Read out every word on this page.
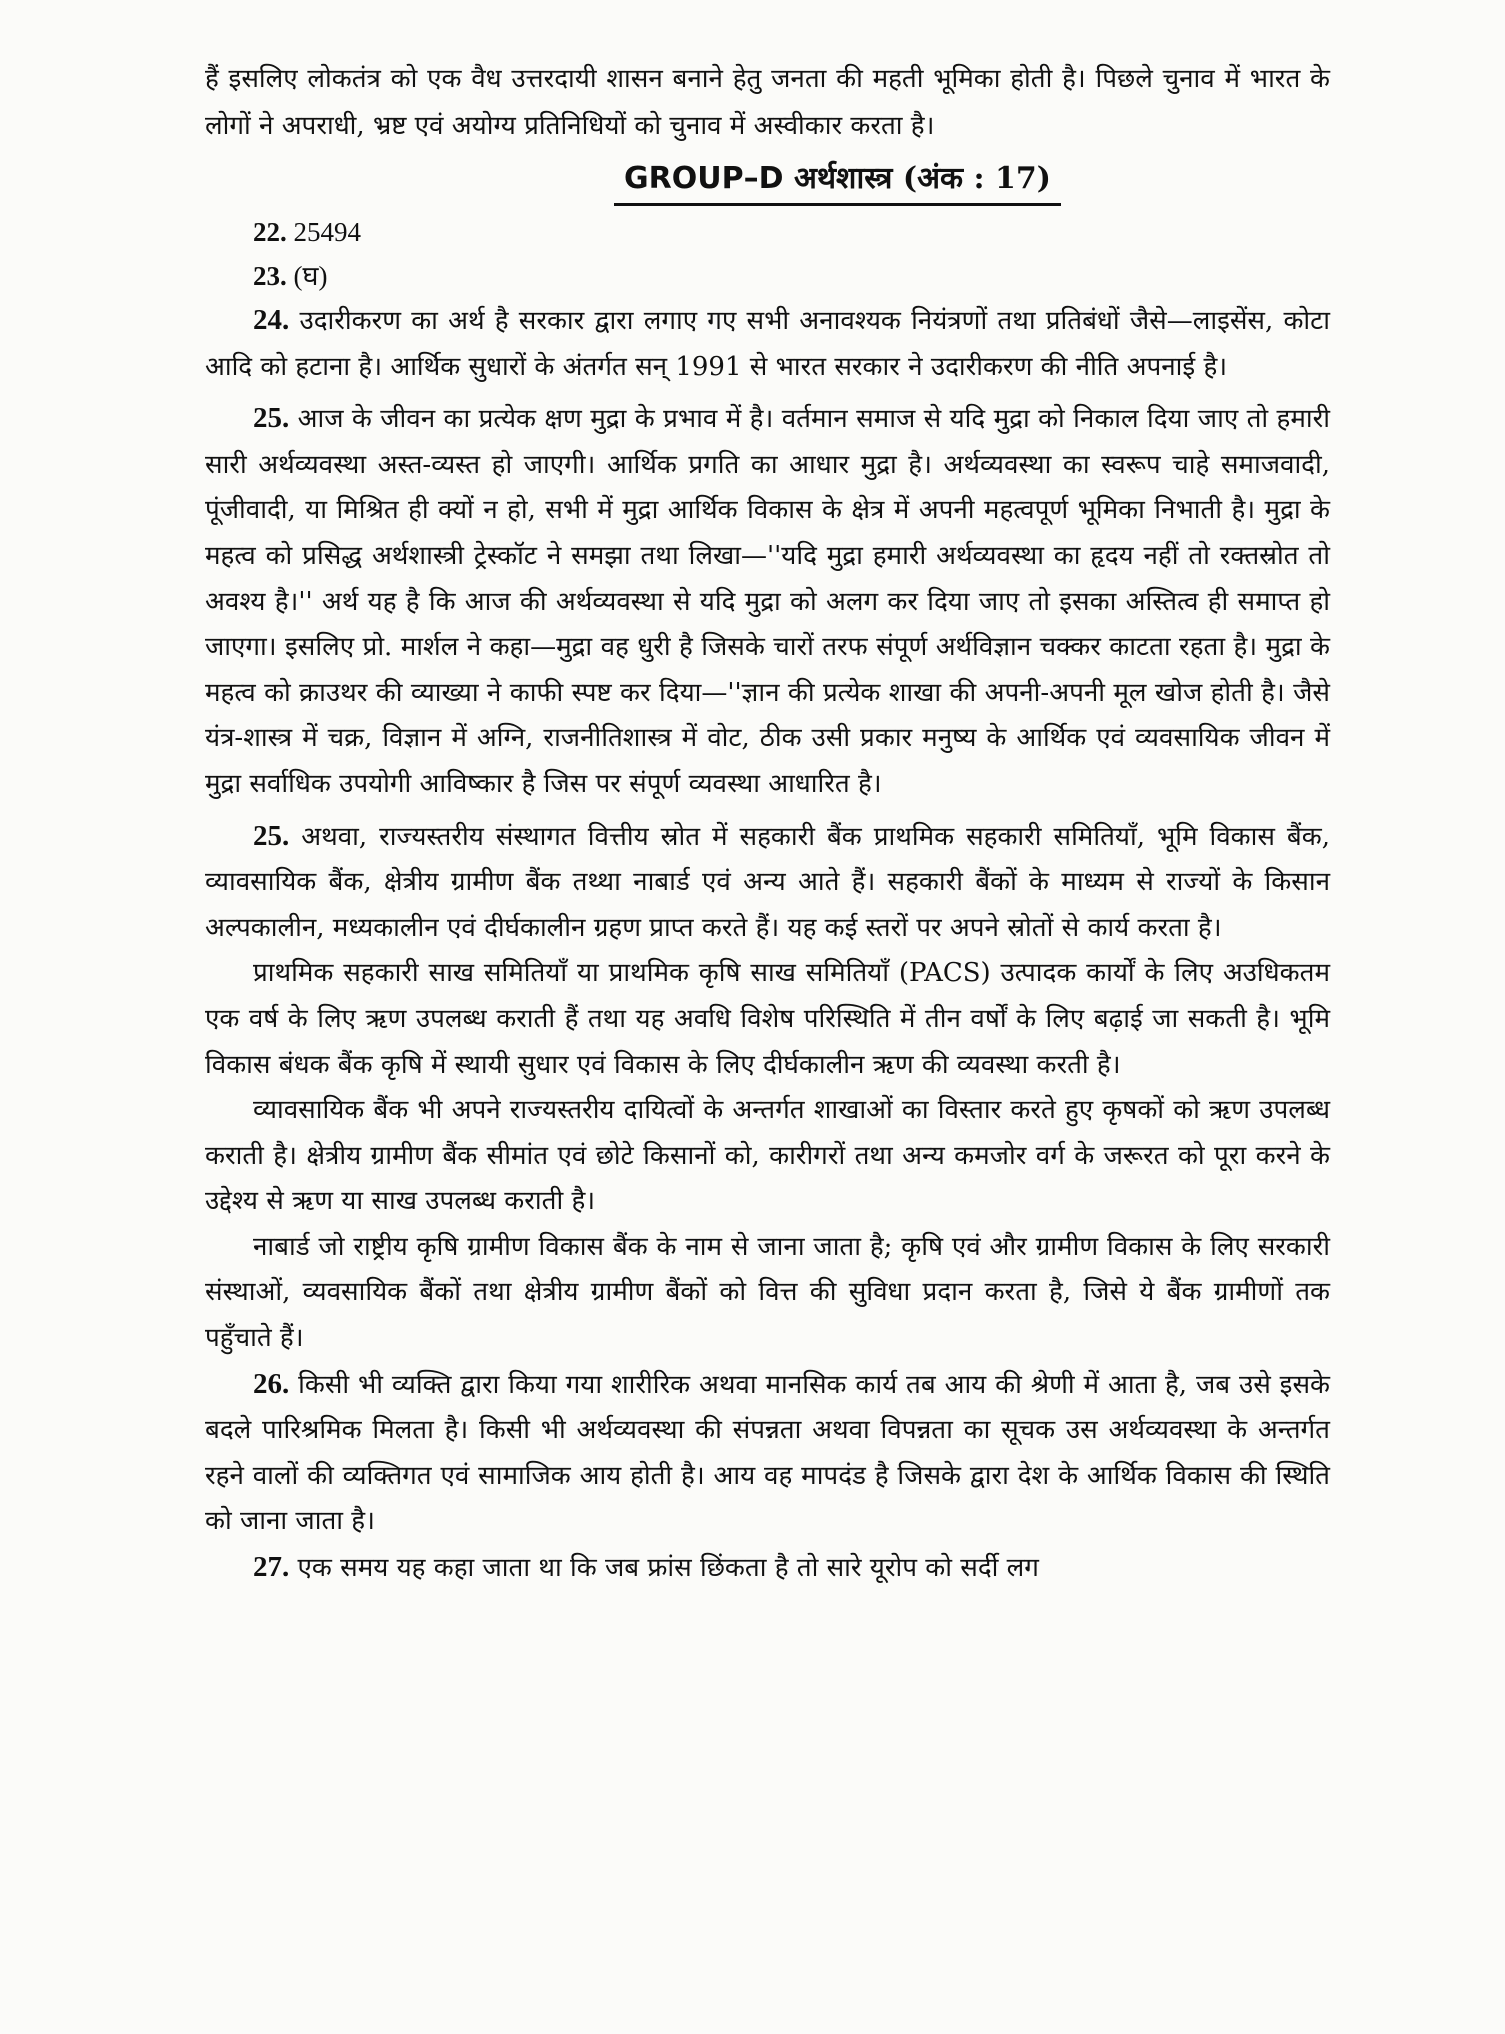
हैं इसलिए लोकतंत्र को एक वैध उत्तरदायी शासन बनाने हेतु जनता की महती भूमिका होती है। पिछले चुनाव में भारत के लोगों ने अपराधी, भ्रष्ट एवं अयोग्य प्रतिनिधियों को चुनाव में अस्वीकार करता है।

GROUP–D अर्थशास्त्र (अंक : 17)

22. 25494

23. (घ)

24. उदारीकरण का अर्थ है सरकार द्वारा लगाए गए सभी अनावश्यक नियंत्रणों तथा प्रतिबंधों जैसे—लाइसेंस, कोटा आदि को हटाना है। आर्थिक सुधारों के अंतर्गत सन् 1991 से भारत सरकार ने उदारीकरण की नीति अपनाई है।

25. आज के जीवन का प्रत्येक क्षण मुद्रा के प्रभाव में है। वर्तमान समाज से यदि मुद्रा को निकाल दिया जाए तो हमारी सारी अर्थव्यवस्था अस्त-व्यस्त हो जाएगी। आर्थिक प्रगति का आधार मुद्रा है। अर्थव्यवस्था का स्वरूप चाहे समाजवादी, पूंजीवादी, या मिश्रित ही क्यों न हो, सभी में मुद्रा आर्थिक विकास के क्षेत्र में अपनी महत्वपूर्ण भूमिका निभाती है। मुद्रा के महत्व को प्रसिद्ध अर्थशास्त्री ट्रेस्कॉट ने समझा तथा लिखा—''यदि मुद्रा हमारी अर्थव्यवस्था का हृदय नहीं तो रक्तस्रोत तो अवश्य है।'' अर्थ यह है कि आज की अर्थव्यवस्था से यदि मुद्रा को अलग कर दिया जाए तो इसका अस्तित्व ही समाप्त हो जाएगा। इसलिए प्रो. मार्शल ने कहा—मुद्रा वह धुरी है जिसके चारों तरफ संपूर्ण अर्थविज्ञान चक्कर काटता रहता है। मुद्रा के महत्व को क्राउथर की व्याख्या ने काफी स्पष्ट कर दिया—''ज्ञान की प्रत्येक शाखा की अपनी-अपनी मूल खोज होती है। जैसे यंत्र-शास्त्र में चक्र, विज्ञान में अग्नि, राजनीतिशास्त्र में वोट, ठीक उसी प्रकार मनुष्य के आर्थिक एवं व्यवसायिक जीवन में मुद्रा सर्वाधिक उपयोगी आविष्कार है जिस पर संपूर्ण व्यवस्था आधारित है।

25. अथवा, राज्यस्तरीय संस्थागत वित्तीय स्रोत में सहकारी बैंक प्राथमिक सहकारी समितियाँ, भूमि विकास बैंक, व्यावसायिक बैंक, क्षेत्रीय ग्रामीण बैंक तथ्था नाबार्ड एवं अन्य आते हैं। सहकारी बैंकों के माध्यम से राज्यों के किसान अल्पकालीन, मध्यकालीन एवं दीर्घकालीन ग्रहण प्राप्त करते हैं। यह कई स्तरों पर अपने स्रोतों से कार्य करता है।

प्राथमिक सहकारी साख समितियाँ या प्राथमिक कृषि साख समितियाँ (PACS) उत्पादक कार्यों के लिए अउधिकतम एक वर्ष के लिए ऋण उपलब्ध कराती हैं तथा यह अवधि विशेष परिस्थिति में तीन वर्षों के लिए बढ़ाई जा सकती है। भूमि विकास बंधक बैंक कृषि में स्थायी सुधार एवं विकास के लिए दीर्घकालीन ऋण की व्यवस्था करती है।

व्यावसायिक बैंक भी अपने राज्यस्तरीय दायित्वों के अन्तर्गत शाखाओं का विस्तार करते हुए कृषकों को ऋण उपलब्ध कराती है। क्षेत्रीय ग्रामीण बैंक सीमांत एवं छोटे किसानों को, कारीगरों तथा अन्य कमजोर वर्ग के जरूरत को पूरा करने के उद्देश्य से ऋण या साख उपलब्ध कराती है।

नाबार्ड जो राष्ट्रीय कृषि ग्रामीण विकास बैंक के नाम से जाना जाता है; कृषि एवं और ग्रामीण विकास के लिए सरकारी संस्थाओं, व्यवसायिक बैंकों तथा क्षेत्रीय ग्रामीण बैंकों को वित्त की सुविधा प्रदान करता है, जिसे ये बैंक ग्रामीणों तक पहुँचाते हैं।

26. किसी भी व्यक्ति द्वारा किया गया शारीरिक अथवा मानसिक कार्य तब आय की श्रेणी में आता है, जब उसे इसके बदले पारिश्रमिक मिलता है। किसी भी अर्थव्यवस्था की संपन्नता अथवा विपन्नता का सूचक उस अर्थव्यवस्था के अन्तर्गत रहने वालों की व्यक्तिगत एवं सामाजिक आय होती है। आय वह मापदंड है जिसके द्वारा देश के आर्थिक विकास की स्थिति को जाना जाता है।

27. एक समय यह कहा जाता था कि जब फ्रांस छिंकता है तो सारे यूरोप को सर्दी लग
